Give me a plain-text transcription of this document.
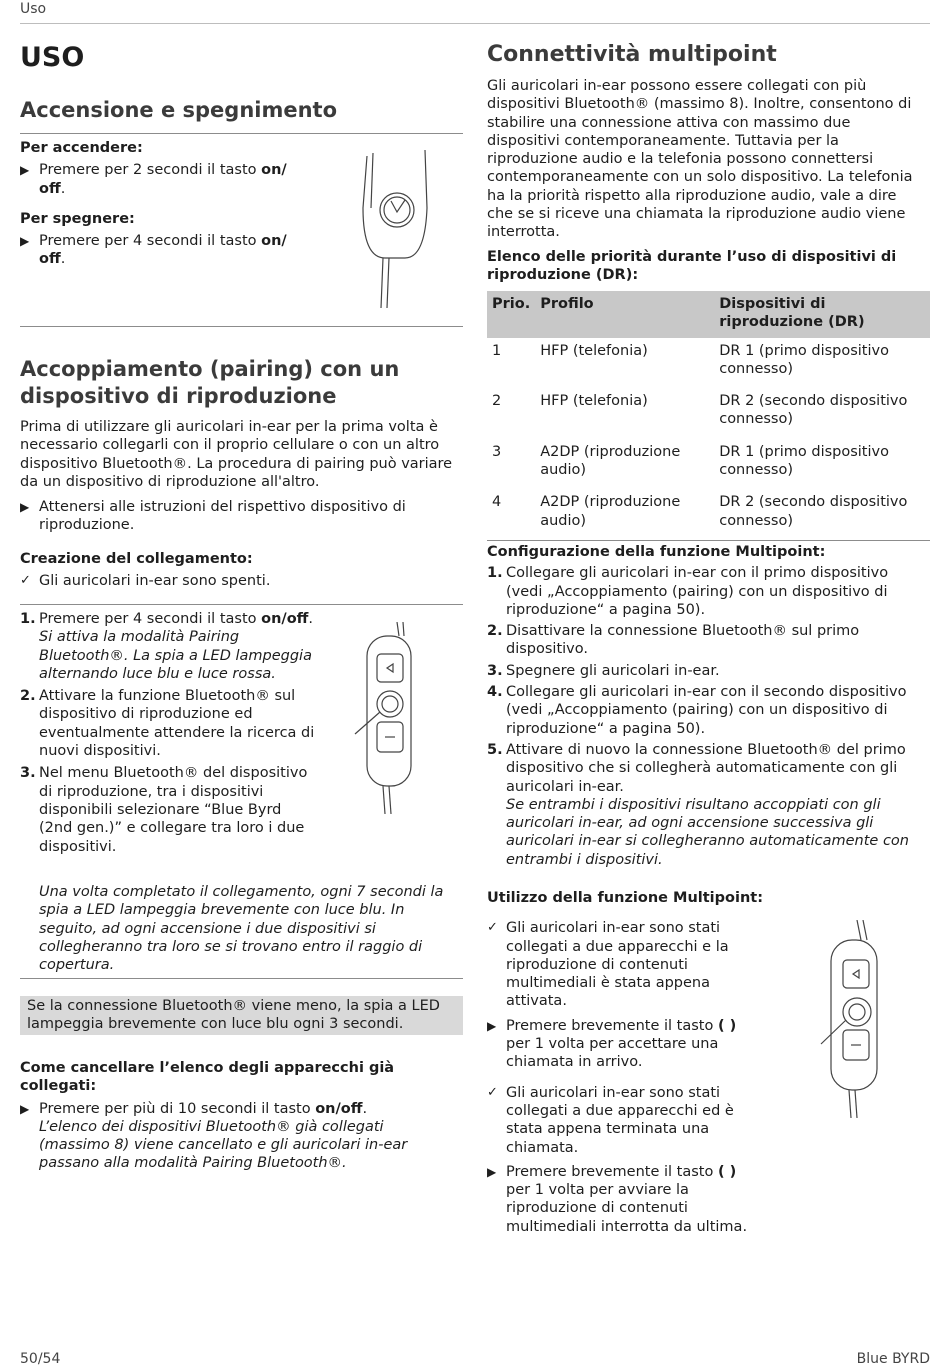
Uso
USO
Accensione e spegnimento

Per accendere:

▶ Premere per 2 secondi il tasto on/
off.

Per spegnere:

▶ Premere per 4 secondi il tasto on/
off.
Accoppiamento (pairing) con un
dispositivo di riproduzione

Prima di utilizzare gli auricolari in-ear per la prima volta è necessario collegarli con il proprio cellulare o con un altro dispositivo Bluetooth®. La procedura di pairing può variare da un dispositivo di riproduzione all'altro.

▶ Attenersi alle istruzioni del rispettivo dispositivo di riproduzione.

Creazione del collegamento:

✓ Gli auricolari in-ear sono spenti.
1. Premere per 4 secondi il tasto on/off.
Si attiva la modalità Pairing Bluetooth®. La spia a LED lampeggia alternando luce blu e luce rossa.
2. Attivare la funzione Bluetooth® sul dispositivo di riproduzione ed eventualmente attendere la ricerca di nuovi dispositivi.
3. Nel menu Bluetooth® del dispositivo di riproduzione, tra i dispositivi disponibili selezionare “Blue Byrd (2nd gen.)” e collegare tra loro i due dispositivi.

Una volta completato il collegamento, ogni 7 secondi la spia a LED lampeggia brevemente con luce blu. In seguito, ad ogni accensione i due dispositivi si collegheranno tra loro se si trovano entro il raggio di copertura.

Se la connessione Bluetooth® viene meno, la spia a LED lampeggia brevemente con luce blu ogni 3 secondi.

Come cancellare l’elenco degli apparecchi già collegati:

▶ Premere per più di 10 secondi il tasto on/off.
L’elenco dei dispositivi Bluetooth® già collegati (massimo 8) viene cancellato e gli auricolari in-ear passano alla modalità Pairing Bluetooth®.
Connettività multipoint

Gli auricolari in-ear possono essere collegati con più dispositivi Bluetooth® (massimo 8). Inoltre, consentono di stabilire una connessione attiva con massimo due dispositivi contemporaneamente. Tuttavia per la riproduzione audio e la telefonia possono connettersi contemporaneamente con un solo dispositivo. La telefonia ha la priorità rispetto alla riproduzione audio, vale a dire che se si riceve una chiamata la riproduzione audio viene interrotta.

Elenco delle priorità durante l’uso di dispositivi di riproduzione (DR):

Prio.	Profilo	Dispositivi di riproduzione (DR)
1	HFP (telefonia)	DR 1 (primo dispositivo connesso)
2	HFP (telefonia)	DR 2 (secondo dispositivo connesso)
3	A2DP (riproduzione audio)	DR 1 (primo dispositivo connesso)
4	A2DP (riproduzione audio)	DR 2 (secondo dispositivo connesso)

Configurazione della funzione Multipoint:

1. Collegare gli auricolari in-ear con il primo dispositivo (vedi „Accoppiamento (pairing) con un dispositivo di riproduzione“ a pagina 50).
2. Disattivare la connessione Bluetooth® sul primo dispositivo.
3. Spegnere gli auricolari in-ear.
4. Collegare gli auricolari in-ear con il secondo dispositivo (vedi „Accoppiamento (pairing) con un dispositivo di riproduzione“ a pagina 50).
5. Attivare di nuovo la connessione Bluetooth® del primo dispositivo che si collegherà automaticamente con gli auricolari in-ear.
Se entrambi i dispositivi risultano accoppiati con gli auricolari in-ear, ad ogni accensione successiva gli auricolari in-ear si collegheranno automaticamente con entrambi i dispositivi.

Utilizzo della funzione Multipoint:

✓ Gli auricolari in-ear sono stati collegati a due apparecchi e la riproduzione di contenuti multimediali è stata appena attivata.
▶ Premere brevemente il tasto ( ) per 1 volta per accettare una chiamata in arrivo.
✓ Gli auricolari in-ear sono stati collegati a due apparecchi ed è stata appena terminata una chiamata.
▶ Premere brevemente il tasto ( ) per 1 volta per avviare la riproduzione di contenuti multimediali interrotta da ultima.
50/54	Blue BYRD
